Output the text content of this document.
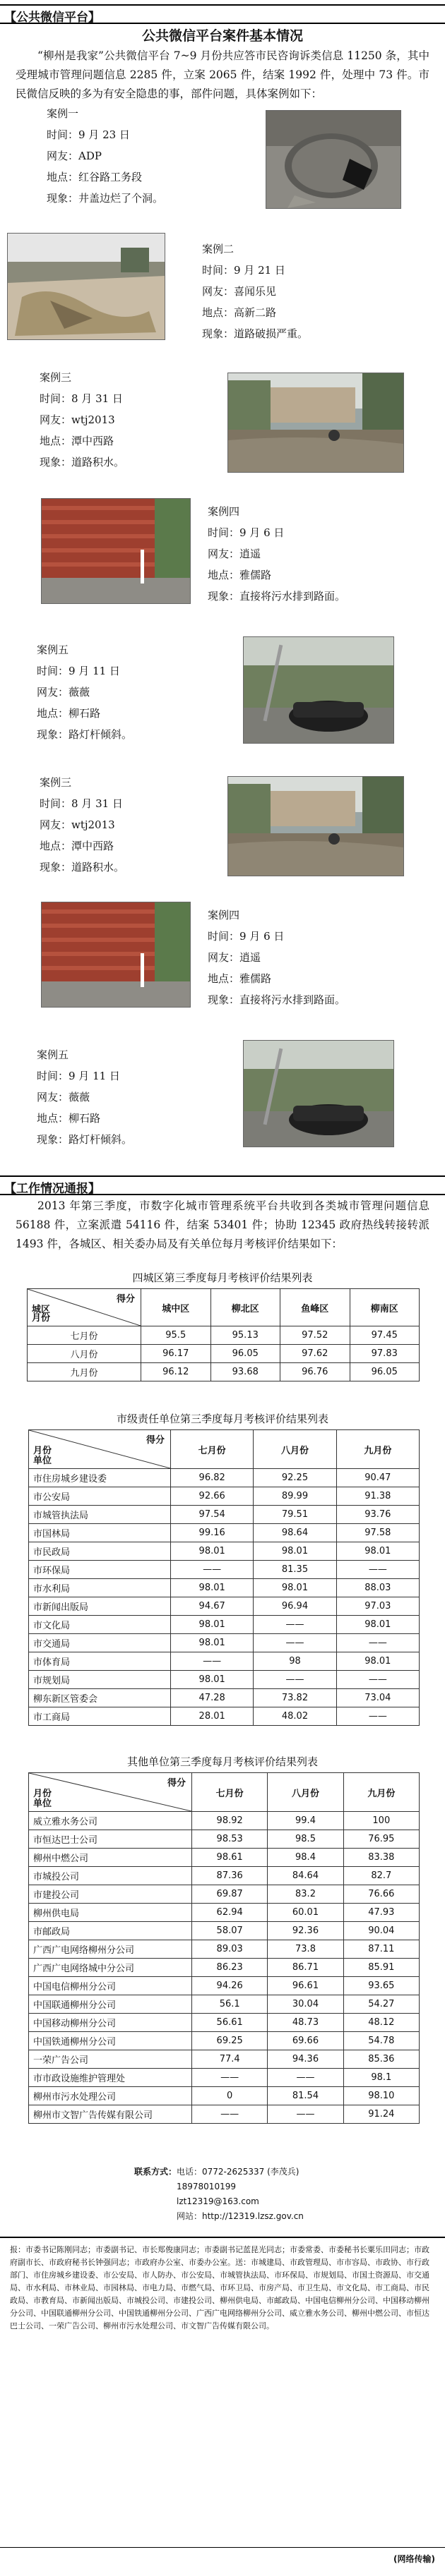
【 公共微信平台 】
公共微信平台案件基本情况

“柳州是我家”公共微信平台 7~9 月份共应答市民咨询诉类信息 11250 条，其中受理城市管理问题信息 2285 件，立案 2065 件，结案 1992 件，处理中 73 件。市民微信反映的多为有安全隐患的事，部件问题，具体案例如下：

案例一
时间：9 月 23 日
网友：ADP
地点：红谷路工务段
现象：井盖边烂了个洞。
案例二
时间：9 月 21 日
网友：喜闻乐见
地点：高新二路
现象：道路破损严重。
案例三
时间：8 月 31 日
网友：wtj2013
地点：潭中西路
现象：道路积水。
案例四
时间：9 月 6 日
网友：逍遥
地点：雅儒路
现象：直接将污水排到路面。
案例五
时间：9 月 11 日
网友：薇薇
地点：柳石路
现象：路灯杆倾斜。
案例三
时间：8 月 31 日
网友：wtj2013
地点：潭中西路
现象：道路积水。
案例四
时间：9 月 6 日
网友：逍遥
地点：雅儒路
现象：直接将污水排到路面。
案例五
时间：9 月 11 日
网友：薇薇
地点：柳石路
现象：路灯杆倾斜。
【 工作情况通报 】

2013 年第三季度，市数字化城市管理系统平台共收到各类城市管理问题信息 56188 件，立案派遣 54116 件，结案 53401 件；协助 12345 政府热线转接转派 1493 件，各城区、相关委办局及有关单位每月考核评价结果如下：

四城区第三季度每月考核评价结果列表
得分
城区
月份	城中区	柳北区	鱼峰区	柳南区
七月份	95.5	95.13	97.52	97.45
八月份	96.17	96.05	97.62	97.83
九月份	96.12	93.68	96.76	96.05
市级责任单位第三季度每月考核评价结果列表
得分
月份
单位	七月份	八月份	九月份
市住房城乡建设委	96.82	92.25	90.47
市公安局	92.66	89.99	91.38
市城管执法局	97.54	79.51	93.76
市国林局	99.16	98.64	97.58
市民政局	98.01	98.01	98.01
市环保局	——	81.35	——
市水利局	98.01	98.01	88.03
市新闻出版局	94.67	96.94	97.03
市文化局	98.01	——	98.01
市交通局	98.01	——	——
市体育局	——	98	98.01
市规划局	98.01	——	——
柳东新区管委会	47.28	73.82	73.04
市工商局	28.01	48.02	——
其他单位第三季度每月考核评价结果列表
得分
月份
单位	七月份	八月份	九月份
威立雅水务公司	98.92	99.4	100
市恒达巴士公司	98.53	98.5	76.95
柳州中燃公司	98.61	98.4	83.38
市城投公司	87.36	84.64	82.7
市建投公司	69.87	83.2	76.66
柳州供电局	62.94	60.01	47.93
市邮政局	58.07	92.36	90.04
广西广电网络柳州分公司	89.03	73.8	87.11
广西广电网络城中分公司	86.23	86.71	85.91
中国电信柳州分公司	94.26	96.61	93.65
中国联通柳州分公司	56.1	30.04	54.27
中国移动柳州分公司	56.61	48.73	48.12
中国铁通柳州分公司	69.25	69.66	54.78
一荣广告公司	77.4	94.36	85.36
市市政设施维护管理处	——	——	98.1
柳州市污水处理公司	0	81.54	98.10
柳州市文智广告传媒有限公司	——	——	91.24
联系方式：电话：0772-2625337 (李茂兵)
18978010199
lzt12319@163.com
网站：http://12319.lzsz.gov.cn

报：市委书记陈刚同志；市委副书记、市长郑俊康同志；市委副书记蓝昆光同志；市委常委、市委秘书长粟乐田同志；市政府副市长、市政府秘书长钟强同志；市政府办公室、市委办公室。送：市城建局、市政管理局、市市容局、市政协、市行政部门、市住房城乡建设委、市公安局、市人防办、市公安局、市城管执法局、市环保局、市规划局、市国土资源局、市交通局、市水利局、市林业局、市园林局、市电力局、市燃气局、市环卫局、市房产局、市卫生局、市文化局、市工商局、市民政局、市教育局、市新闻出版局、市城投公司、市建投公司、柳州供电局、市邮政局、中国电信柳州分公司、中国移动柳州分公司、中国联通柳州分公司、中国铁通柳州分公司、广西广电网络柳州分公司、威立雅水务公司、柳州中燃公司、市恒达巴士公司、一荣广告公司、柳州市污水处理公司、市文智广告传媒有限公司。

(网络传输)
